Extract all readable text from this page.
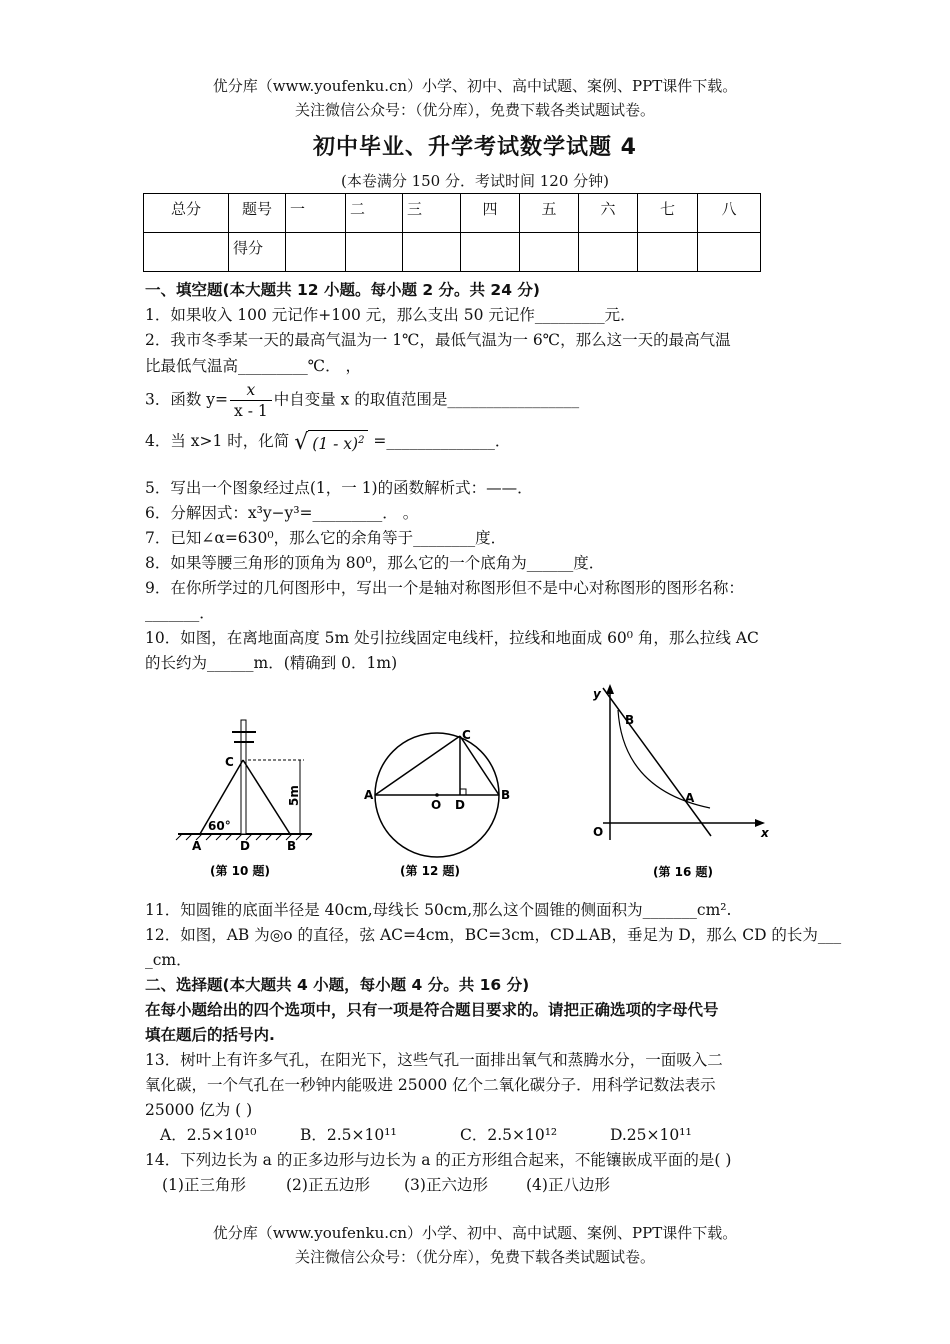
优分库（www.youfenku.cn）小学、初中、高中试题、案例、PPT课件下载。
关注微信公众号：（优分库），免费下载各类试题试卷。
初中毕业、升学考试数学试题 4
(本卷满分 150 分．考试时间 120 分钟)
总分	题号	一	二	三	四	五	六	七	八
	得分								
一、填空题(本大题共 12 小题。每小题 2 分。共 24 分)
1．如果收入 100 元记作+100 元，那么支出 50 元记作_________元．
2．我市冬季某一天的最高气温为一 1℃，最低气温为一 6℃，那么这一天的最高气温
比最低气温高_________℃． ，
3．函数 $y= \frac{x}{x - 1}$ 中自变量 x 的取值范围是_________________
4．当 x>1 时，化简 √ (1 - x)$^2$ =______________．
5．写出一个图象经过点(1，一 1)的函数解析式：——．
6．分解因式：x³y−y³=_________． 。
7．已知∠α=630⁰，那么它的余角等于________度．
8．如果等腰三角形的顶角为 80⁰，那么它的一个底角为______度．
9．在你所学过的几何图形中，写出一个是轴对称图形但不是中心对称图形的图形名称：
_______．
10．如图，在离地面高度 5m 处引拉线固定电线杆，拉线和地面成 60⁰ 角，那么拉线 AC
的长约为______m．(精确到 0．1m)
C
5m
60°
A	D	B
(第 10 题)
C
A
O D
B
(第 12 题)
y
B
A
O	x
(第 16 题)
11．知圆锥的底面半径是 40cm,母线长 50cm,那么这个圆锥的侧面积为_______cm².
12．如图，AB 为◎o 的直径，弦 AC=4cm，BC=3cm，CD⊥AB，垂足为 D，那么 CD 的长为___
_cm．
二、选择题(本大题共 4 小题，每小题 4 分。共 16 分)
在每小题给出的四个选项中，只有一项是符合题目要求的。请把正确选项的字母代号
填在题后的括号内.
13．树叶上有许多气孔，在阳光下，这些气孔一面排出氧气和蒸腾水分，一面吸入二
氧化碳，一个气孔在一秒钟内能吸进 25000 亿个二氧化碳分子．用科学记数法表示
25000 亿为 ( )
A．2.5×10¹⁰	B．2.5×10¹¹	C．2.5×10¹²	D.25×10¹¹
14．下列边长为 a 的正多边形与边长为 a 的正方形组合起来，不能镶嵌成平面的是( )
(1)正三角形	(2)正五边形 (3)正六边形 (4)正八边形
优分库（www.youfenku.cn）小学、初中、高中试题、案例、PPT课件下载。
关注微信公众号：（优分库），免费下载各类试题试卷。
